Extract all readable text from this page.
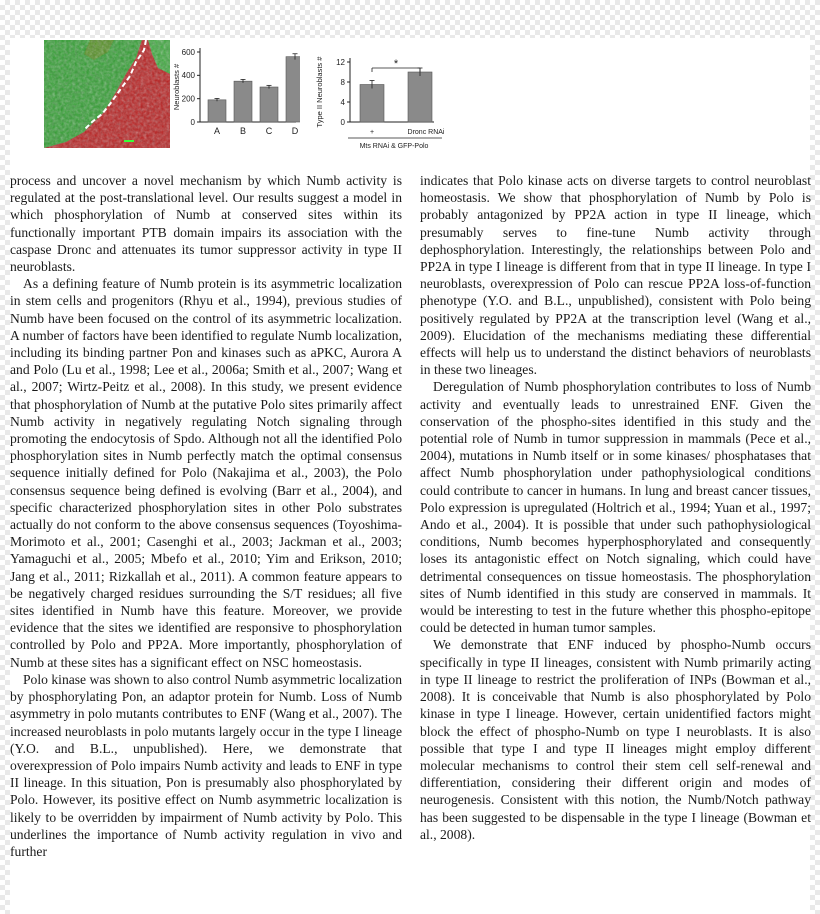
Neuroblasts #
0
200
400
600
A B C D
Type II Neuroblasts # 0
4
8
12	*
+	Dronc RNAi
Mts RNAi & GFP-Polo

process and uncover a novel mechanism by which Numb activity is regulated at the post-translational level. Our results suggest a model in which phosphorylation of Numb at conserved sites within its functionally important PTB domain impairs its association with the caspase Dronc and attenuates its tumor suppressor activity in type II neuroblasts.

As a defining feature of Numb protein is its asymmetric localization in stem cells and progenitors (Rhyu et al., 1994), previous studies of Numb have been focused on the control of its asymmetric localization. A number of factors have been identified to regulate Numb localization, including its binding partner Pon and kinases such as aPKC, Aurora A and Polo (Lu et al., 1998; Lee et al., 2006a; Smith et al., 2007; Wang et al., 2007; Wirtz-Peitz et al., 2008). In this study, we present evidence that phosphorylation of Numb at the putative Polo sites primarily affect Numb activity in negatively regulating Notch signaling through promoting the endocytosis of Spdo. Although not all the identified Polo phosphorylation sites in Numb perfectly match the optimal consensus sequence initially defined for Polo (Nakajima et al., 2003), the Polo consensus sequence being defined is evolving (Barr et al., 2004), and specific characterized phosphorylation sites in other Polo substrates actually do not conform to the above consensus sequences (Toyoshima-Morimoto et al., 2001; Casenghi et al., 2003; Jackman et al., 2003; Yamaguchi et al., 2005; Mbefo et al., 2010; Yim and Erikson, 2010; Jang et al., 2011; Rizkallah et al., 2011). A common feature appears to be negatively charged residues surrounding the S/T residues; all five sites identified in Numb have this feature. Moreover, we provide evidence that the sites we identified are responsive to phosphorylation controlled by Polo and PP2A. More importantly, phosphorylation of Numb at these sites has a significant effect on NSC homeostasis.

Polo kinase was shown to also control Numb asymmetric localization by phosphorylating Pon, an adaptor protein for Numb. Loss of Numb asymmetry in polo mutants contributes to ENF (Wang et al., 2007). The increased neuroblasts in polo mutants largely occur in the type I lineage (Y.O. and B.L., unpublished). Here, we demonstrate that overexpression of Polo impairs Numb activity and leads to ENF in type II lineage. In this situation, Pon is presumably also phosphorylated by Polo. However, its positive effect on Numb asymmetric localization is likely to be overridden by impairment of Numb activity by Polo. This underlines the importance of Numb activity regulation in vivo and further

indicates that Polo kinase acts on diverse targets to control neuroblast homeostasis. We show that phosphorylation of Numb by Polo is probably antagonized by PP2A action in type II lineage, which presumably serves to fine-tune Numb activity through dephosphorylation. Interestingly, the relationships between Polo and PP2A in type I lineage is different from that in type II lineage. In type I neuroblasts, overexpression of Polo can rescue PP2A loss-of-function phenotype (Y.O. and B.L., unpublished), consistent with Polo being positively regulated by PP2A at the transcription level (Wang et al., 2009). Elucidation of the mechanisms mediating these differential effects will help us to understand the distinct behaviors of neuroblasts in these two lineages.

Deregulation of Numb phosphorylation contributes to loss of Numb activity and eventually leads to unrestrained ENF. Given the conservation of the phospho-sites identified in this study and the potential role of Numb in tumor suppression in mammals (Pece et al., 2004), mutations in Numb itself or in some kinases/ phosphatases that affect Numb phosphorylation under pathophysiological conditions could contribute to cancer in humans. In lung and breast cancer tissues, Polo expression is upregulated (Holtrich et al., 1994; Yuan et al., 1997; Ando et al., 2004). It is possible that under such pathophysiological conditions, Numb becomes hyperphosphorylated and consequently loses its antagonistic effect on Notch signaling, which could have detrimental consequences on tissue homeostasis. The phosphorylation sites of Numb identified in this study are conserved in mammals. It would be interesting to test in the future whether this phospho-epitope could be detected in human tumor samples.

We demonstrate that ENF induced by phospho-Numb occurs specifically in type II lineages, consistent with Numb primarily acting in type II lineage to restrict the proliferation of INPs (Bowman et al., 2008). It is conceivable that Numb is also phosphorylated by Polo kinase in type I lineage. However, certain unidentified factors might block the effect of phospho-Numb on type I neuroblasts. It is also possible that type I and type II lineages might employ different molecular mechanisms to control their stem cell self-renewal and differentiation, considering their different origin and modes of neurogenesis. Consistent with this notion, the Numb/Notch pathway has been suggested to be dispensable in the type I lineage (Bowman et al., 2008).
